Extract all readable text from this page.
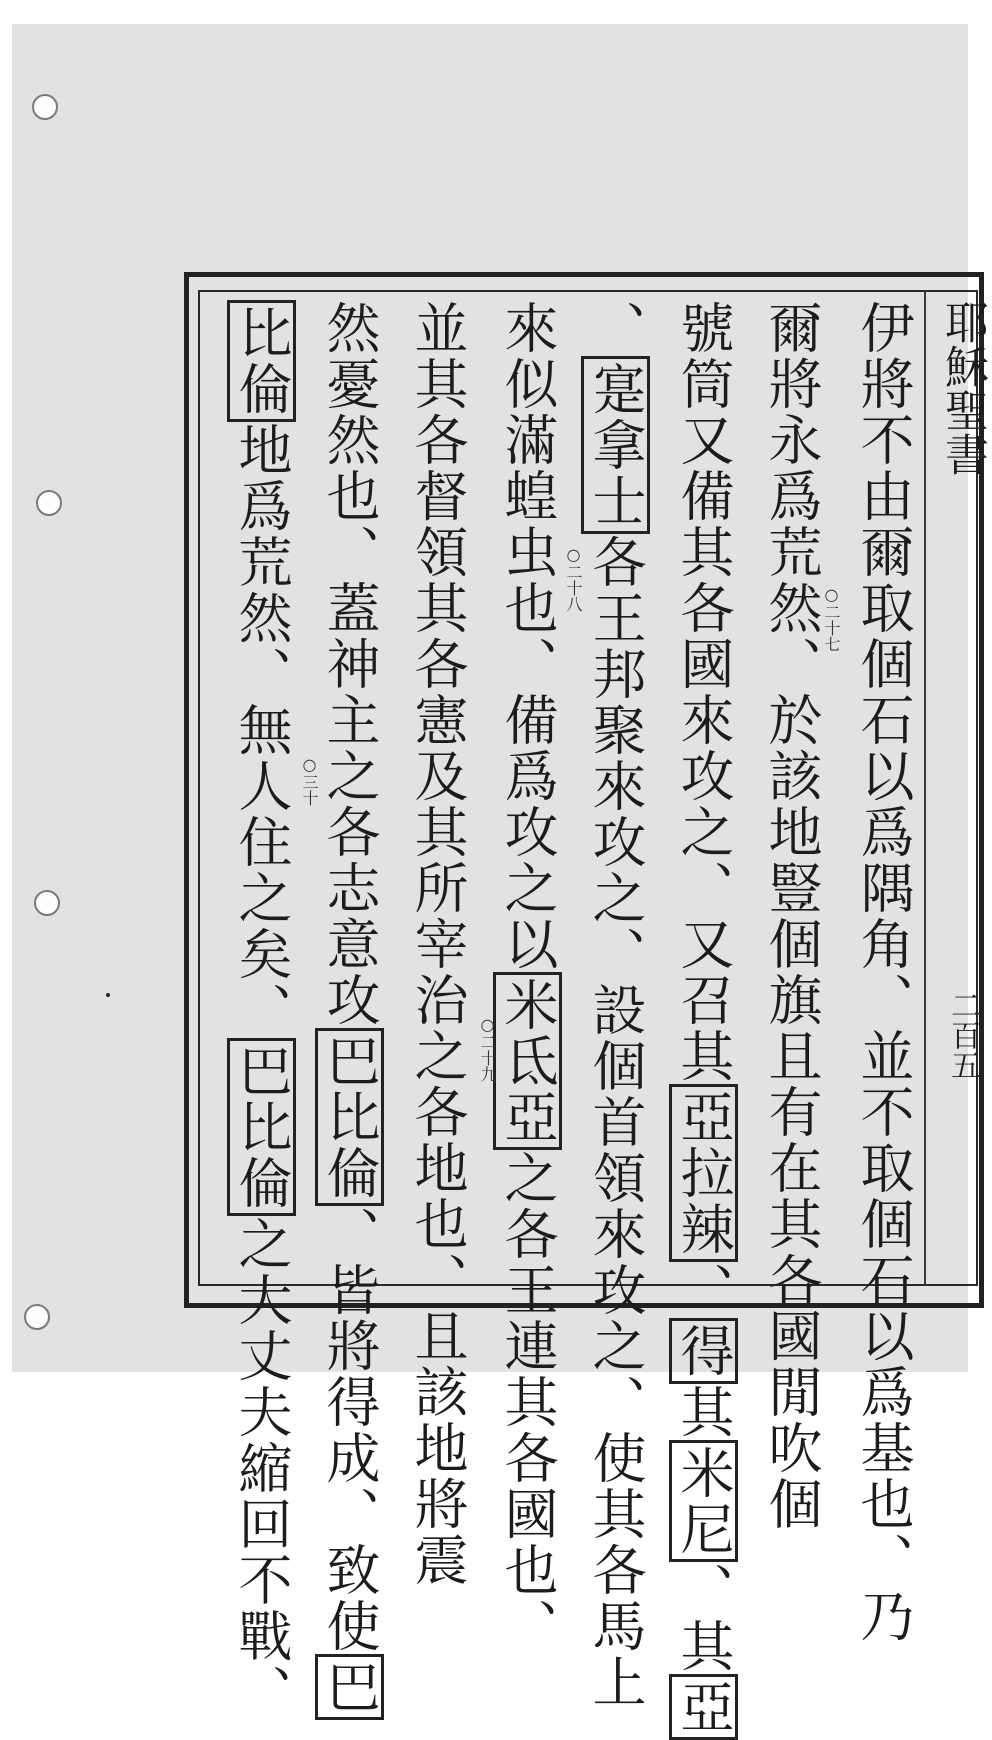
耶穌聖書
二百五
伊將不由爾取個石以爲隅角、並不取個石以爲基也、乃
爾將永爲荒然、於該地豎個旗且有在其各國閒吹個
號筒又備其各國來攻之、又召其亞拉辣、得其米尼、其亞
、寔拿士各王邦聚來攻之、設個首領來攻之、使其各馬上
來似滿蝗虫也、備爲攻之以米氐亞之各王連其各國也、
並其各督領其各憲及其所宰治之各地也、且該地將震
然憂然也、蓋神主之各志意攻巴比倫、皆將得成、致使巴
比倫地爲荒然、無人住之矣、巴比倫之大丈夫縮回不戰、
○二十七
○二十八
○二十九
○三十
